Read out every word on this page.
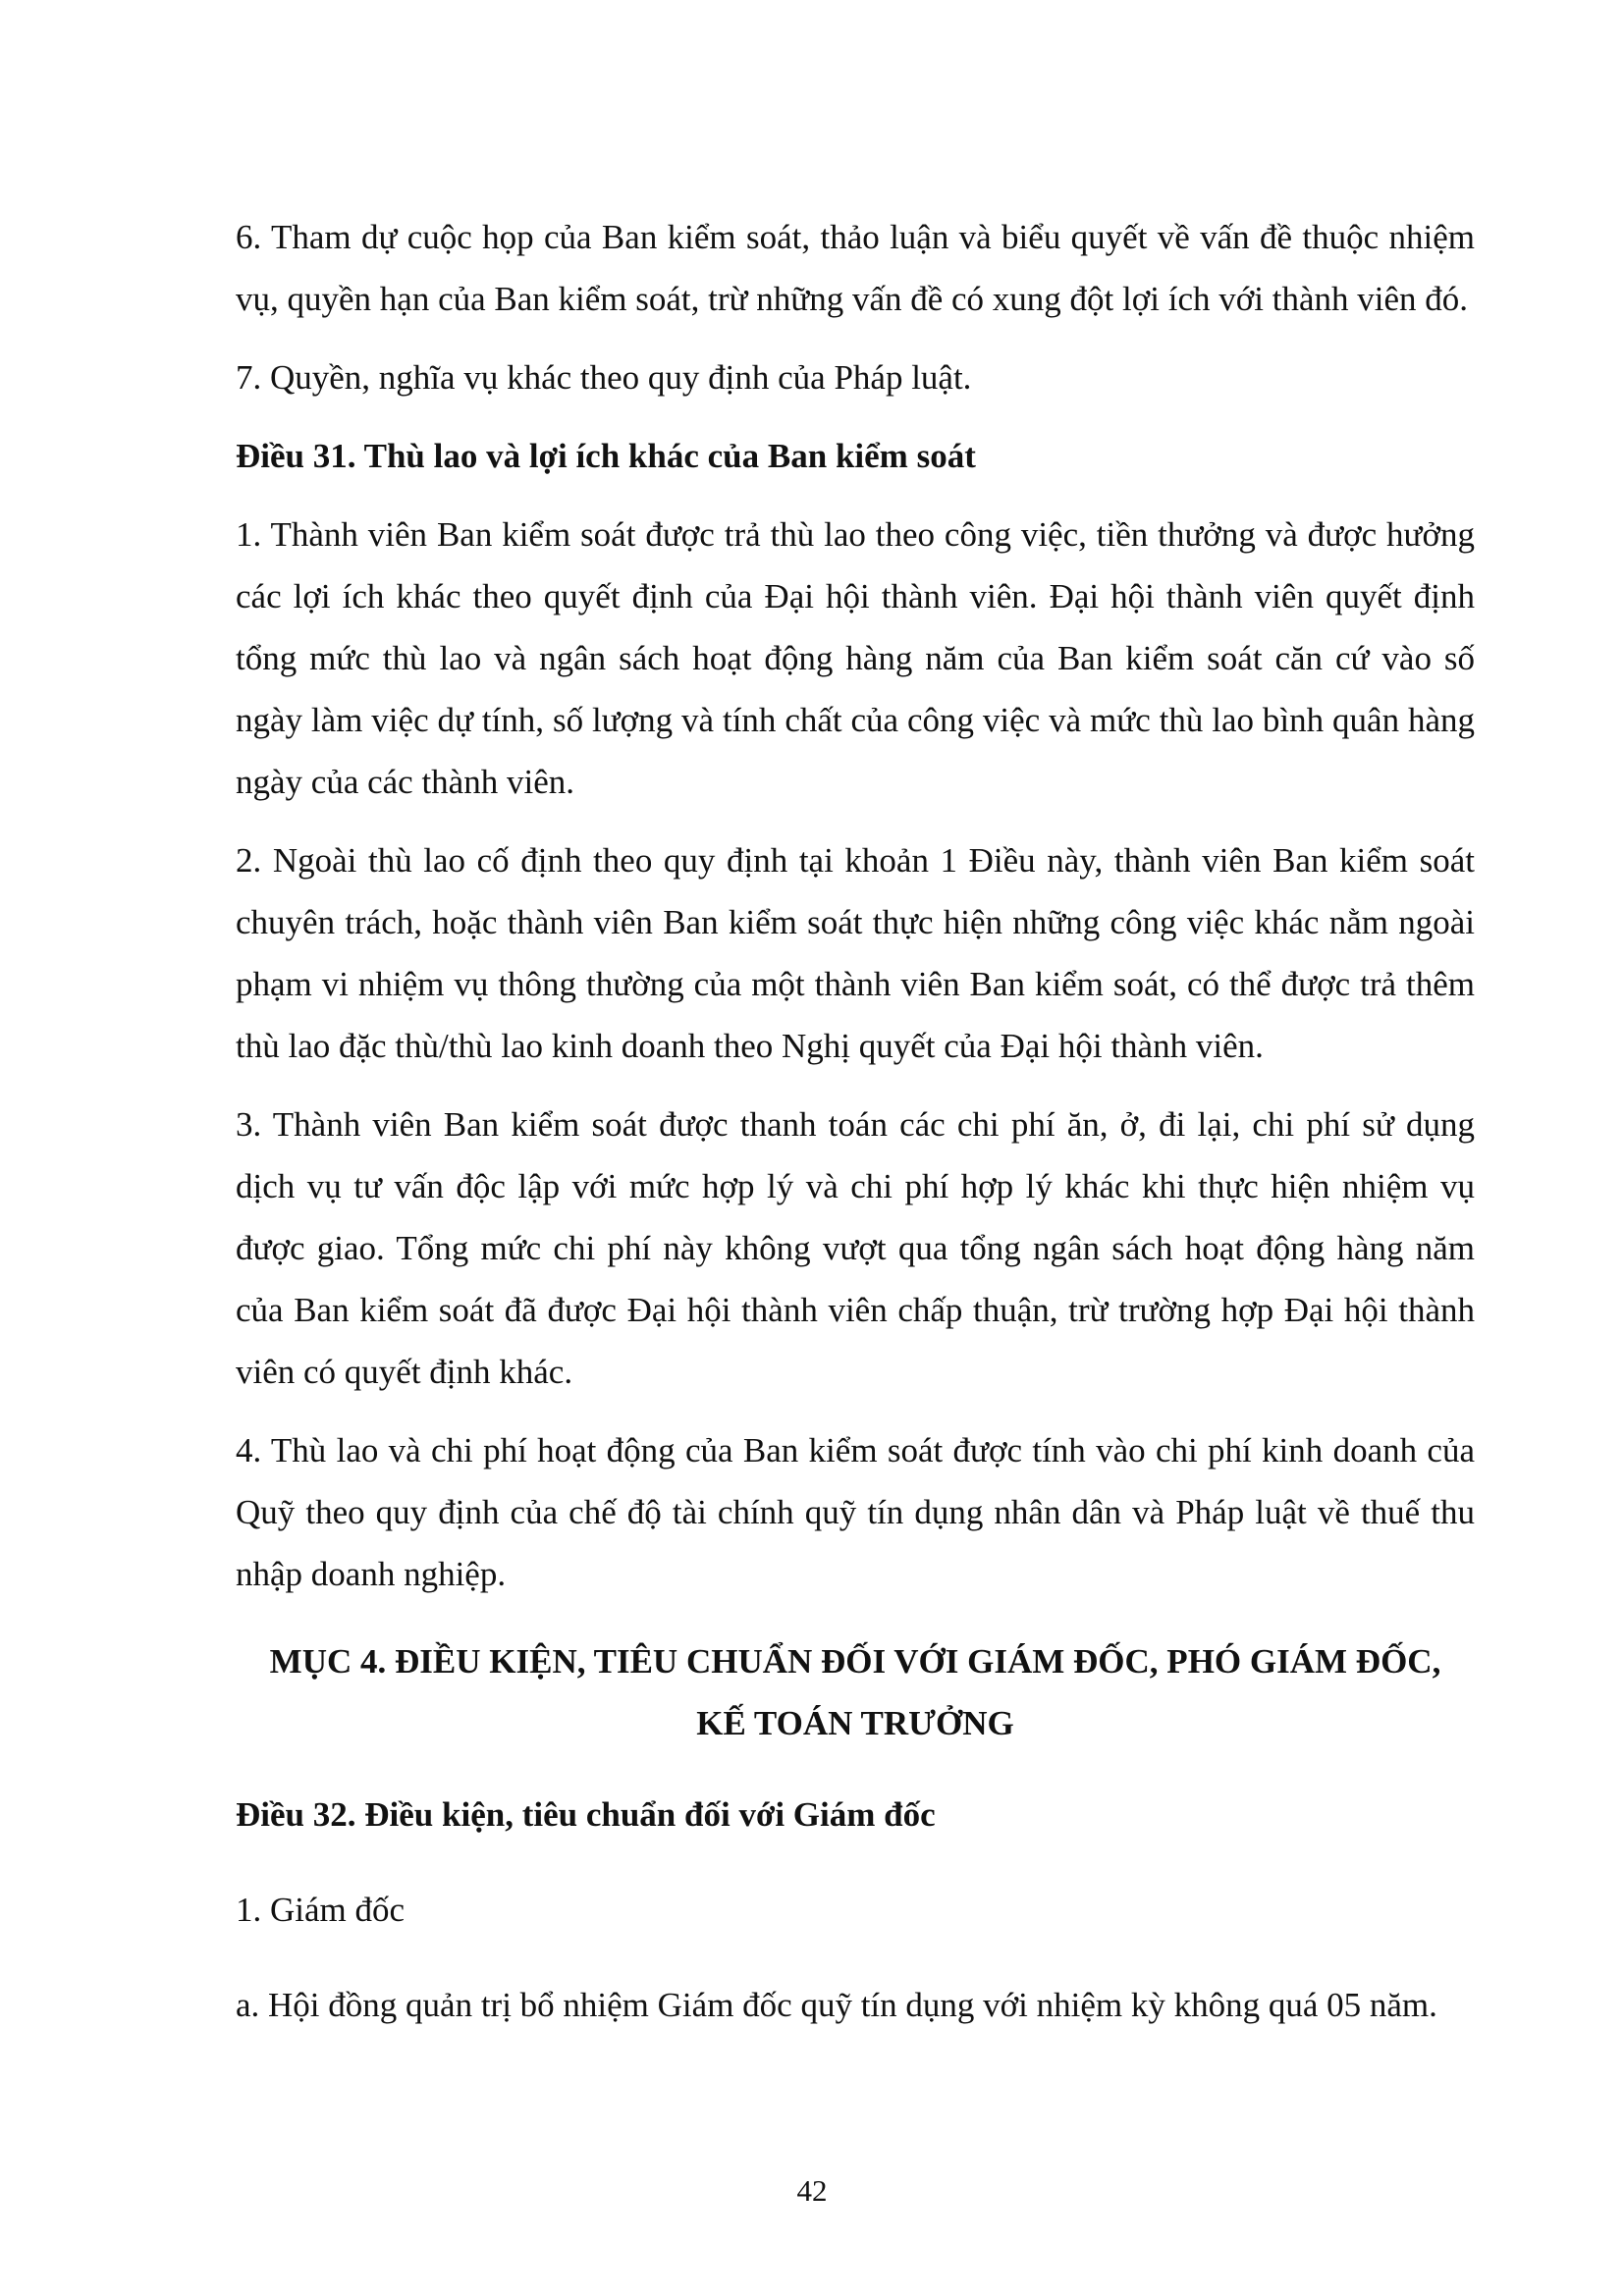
6. Tham dự cuộc họp của Ban kiểm soát, thảo luận và biểu quyết về vấn đề thuộc nhiệm vụ, quyền hạn của Ban kiểm soát, trừ những vấn đề có xung đột lợi ích với thành viên đó.

7. Quyền, nghĩa vụ khác theo quy định của Pháp luật.

Điều 31. Thù lao và lợi ích khác của Ban kiểm soát

1. Thành viên Ban kiểm soát được trả thù lao theo công việc, tiền thưởng và được hưởng các lợi ích khác theo quyết định của Đại hội thành viên. Đại hội thành viên quyết định tổng mức thù lao và ngân sách hoạt động hàng năm của Ban kiểm soát căn cứ vào số ngày làm việc dự tính, số lượng và tính chất của công việc và mức thù lao bình quân hàng ngày của các thành viên.

2. Ngoài thù lao cố định theo quy định tại khoản 1 Điều này, thành viên Ban kiểm soát chuyên trách, hoặc thành viên Ban kiểm soát thực hiện những công việc khác nằm ngoài phạm vi nhiệm vụ thông thường của một thành viên Ban kiểm soát, có thể được trả thêm thù lao đặc thù/thù lao kinh doanh theo Nghị quyết của Đại hội thành viên.

3. Thành viên Ban kiểm soát được thanh toán các chi phí ăn, ở, đi lại, chi phí sử dụng dịch vụ tư vấn độc lập với mức hợp lý và chi phí hợp lý khác khi thực hiện nhiệm vụ được giao. Tổng mức chi phí này không vượt qua tổng ngân sách hoạt động hàng năm của Ban kiểm soát đã được Đại hội thành viên chấp thuận, trừ trường hợp Đại hội thành viên có quyết định khác.

4. Thù lao và chi phí hoạt động của Ban kiểm soát được tính vào chi phí kinh doanh của Quỹ theo quy định của chế độ tài chính quỹ tín dụng nhân dân và Pháp luật về thuế thu nhập doanh nghiệp.

MỤC 4. ĐIỀU KIỆN, TIÊU CHUẨN ĐỐI VỚI GIÁM ĐỐC, PHÓ GIÁM ĐỐC,
KẾ TOÁN TRƯỞNG

Điều 32. Điều kiện, tiêu chuẩn đối với Giám đốc

1. Giám đốc

a. Hội đồng quản trị bổ nhiệm Giám đốc quỹ tín dụng với nhiệm kỳ không quá 05 năm.

42
